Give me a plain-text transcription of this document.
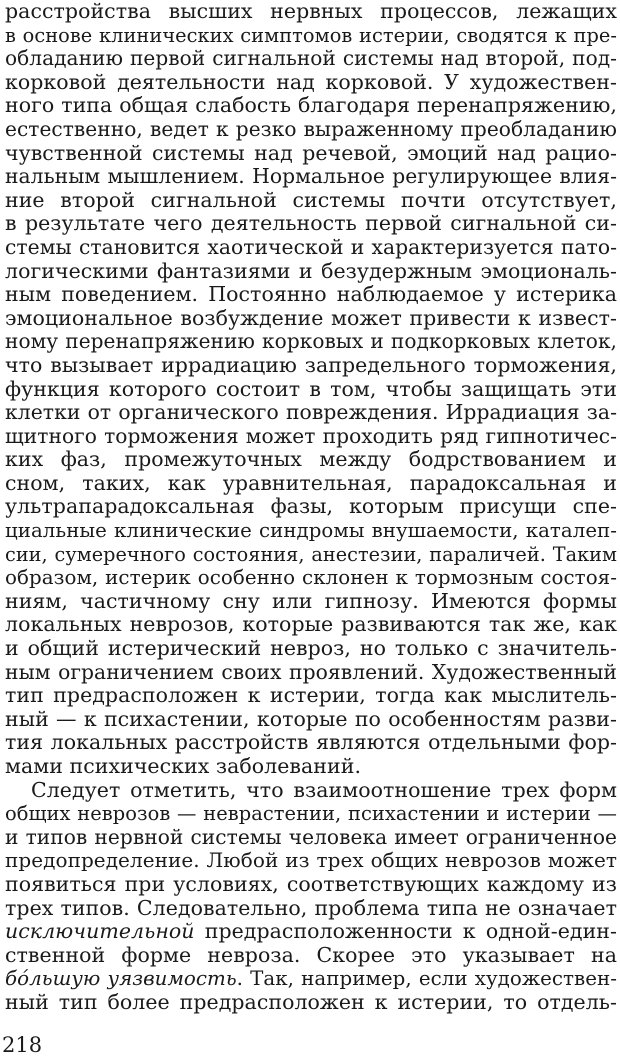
расстройства высших нервных процессов, лежащих
в основе клинических симптомов истерии, сводятся к пре-
обладанию первой сигнальной системы над второй, под-
корковой деятельности над корковой. У художествен-
ного типа общая слабость благодаря перенапряжению,
естественно, ведет к резко выраженному преобладанию
чувственной системы над речевой, эмоций над рацио-
нальным мышлением. Нормальное регулирующее влия-
ние второй сигнальной системы почти отсутствует,
в результате чего деятельность первой сигнальной си-
стемы становится хаотической и характеризуется пато-
логическими фантазиями и безудержным эмоциональ-
ным поведением. Постоянно наблюдаемое у истерика
эмоциональное возбуждение может привести к извест-
ному перенапряжению корковых и подкорковых клеток,
что вызывает иррадиацию запредельного торможения,
функция которого состоит в том, чтобы защищать эти
клетки от органического повреждения. Иррадиация за-
щитного торможения может проходить ряд гипнотичес-
ких фаз, промежуточных между бодрствованием и
сном, таких, как уравнительная, парадоксальная и
ультрапарадоксальная фазы, которым присущи спе-
циальные клинические синдромы внушаемости, каталеп-
сии, сумеречного состояния, анестезии, параличей. Таким
образом, истерик особенно склонен к тормозным состоя-
ниям, частичному сну или гипнозу. Имеются формы
локальных неврозов, которые развиваются так же, как
и общий истерический невроз, но только с значитель-
ным ограничением своих проявлений. Художественный
тип предрасположен к истерии, тогда как мыслитель-
ный — к психастении, которые по особенностям разви-
тия локальных расстройств являются отдельными фор-
мами психических заболеваний.
Следует отметить, что взаимоотношение трех форм
общих неврозов — неврастении, психастении и истерии —
и типов нервной системы человека имеет ограниченное
предопределение. Любой из трех общих неврозов может
появиться при условиях, соответствующих каждому из
трех типов. Следовательно, проблема типа не означает
исключительной предрасположенности к одной-един-
ственной форме невроза. Скорее это указывает на
бóльшую уязвимость. Так, например, если художествен-
ный тип более предрасположен к истерии, то отдель-
218
